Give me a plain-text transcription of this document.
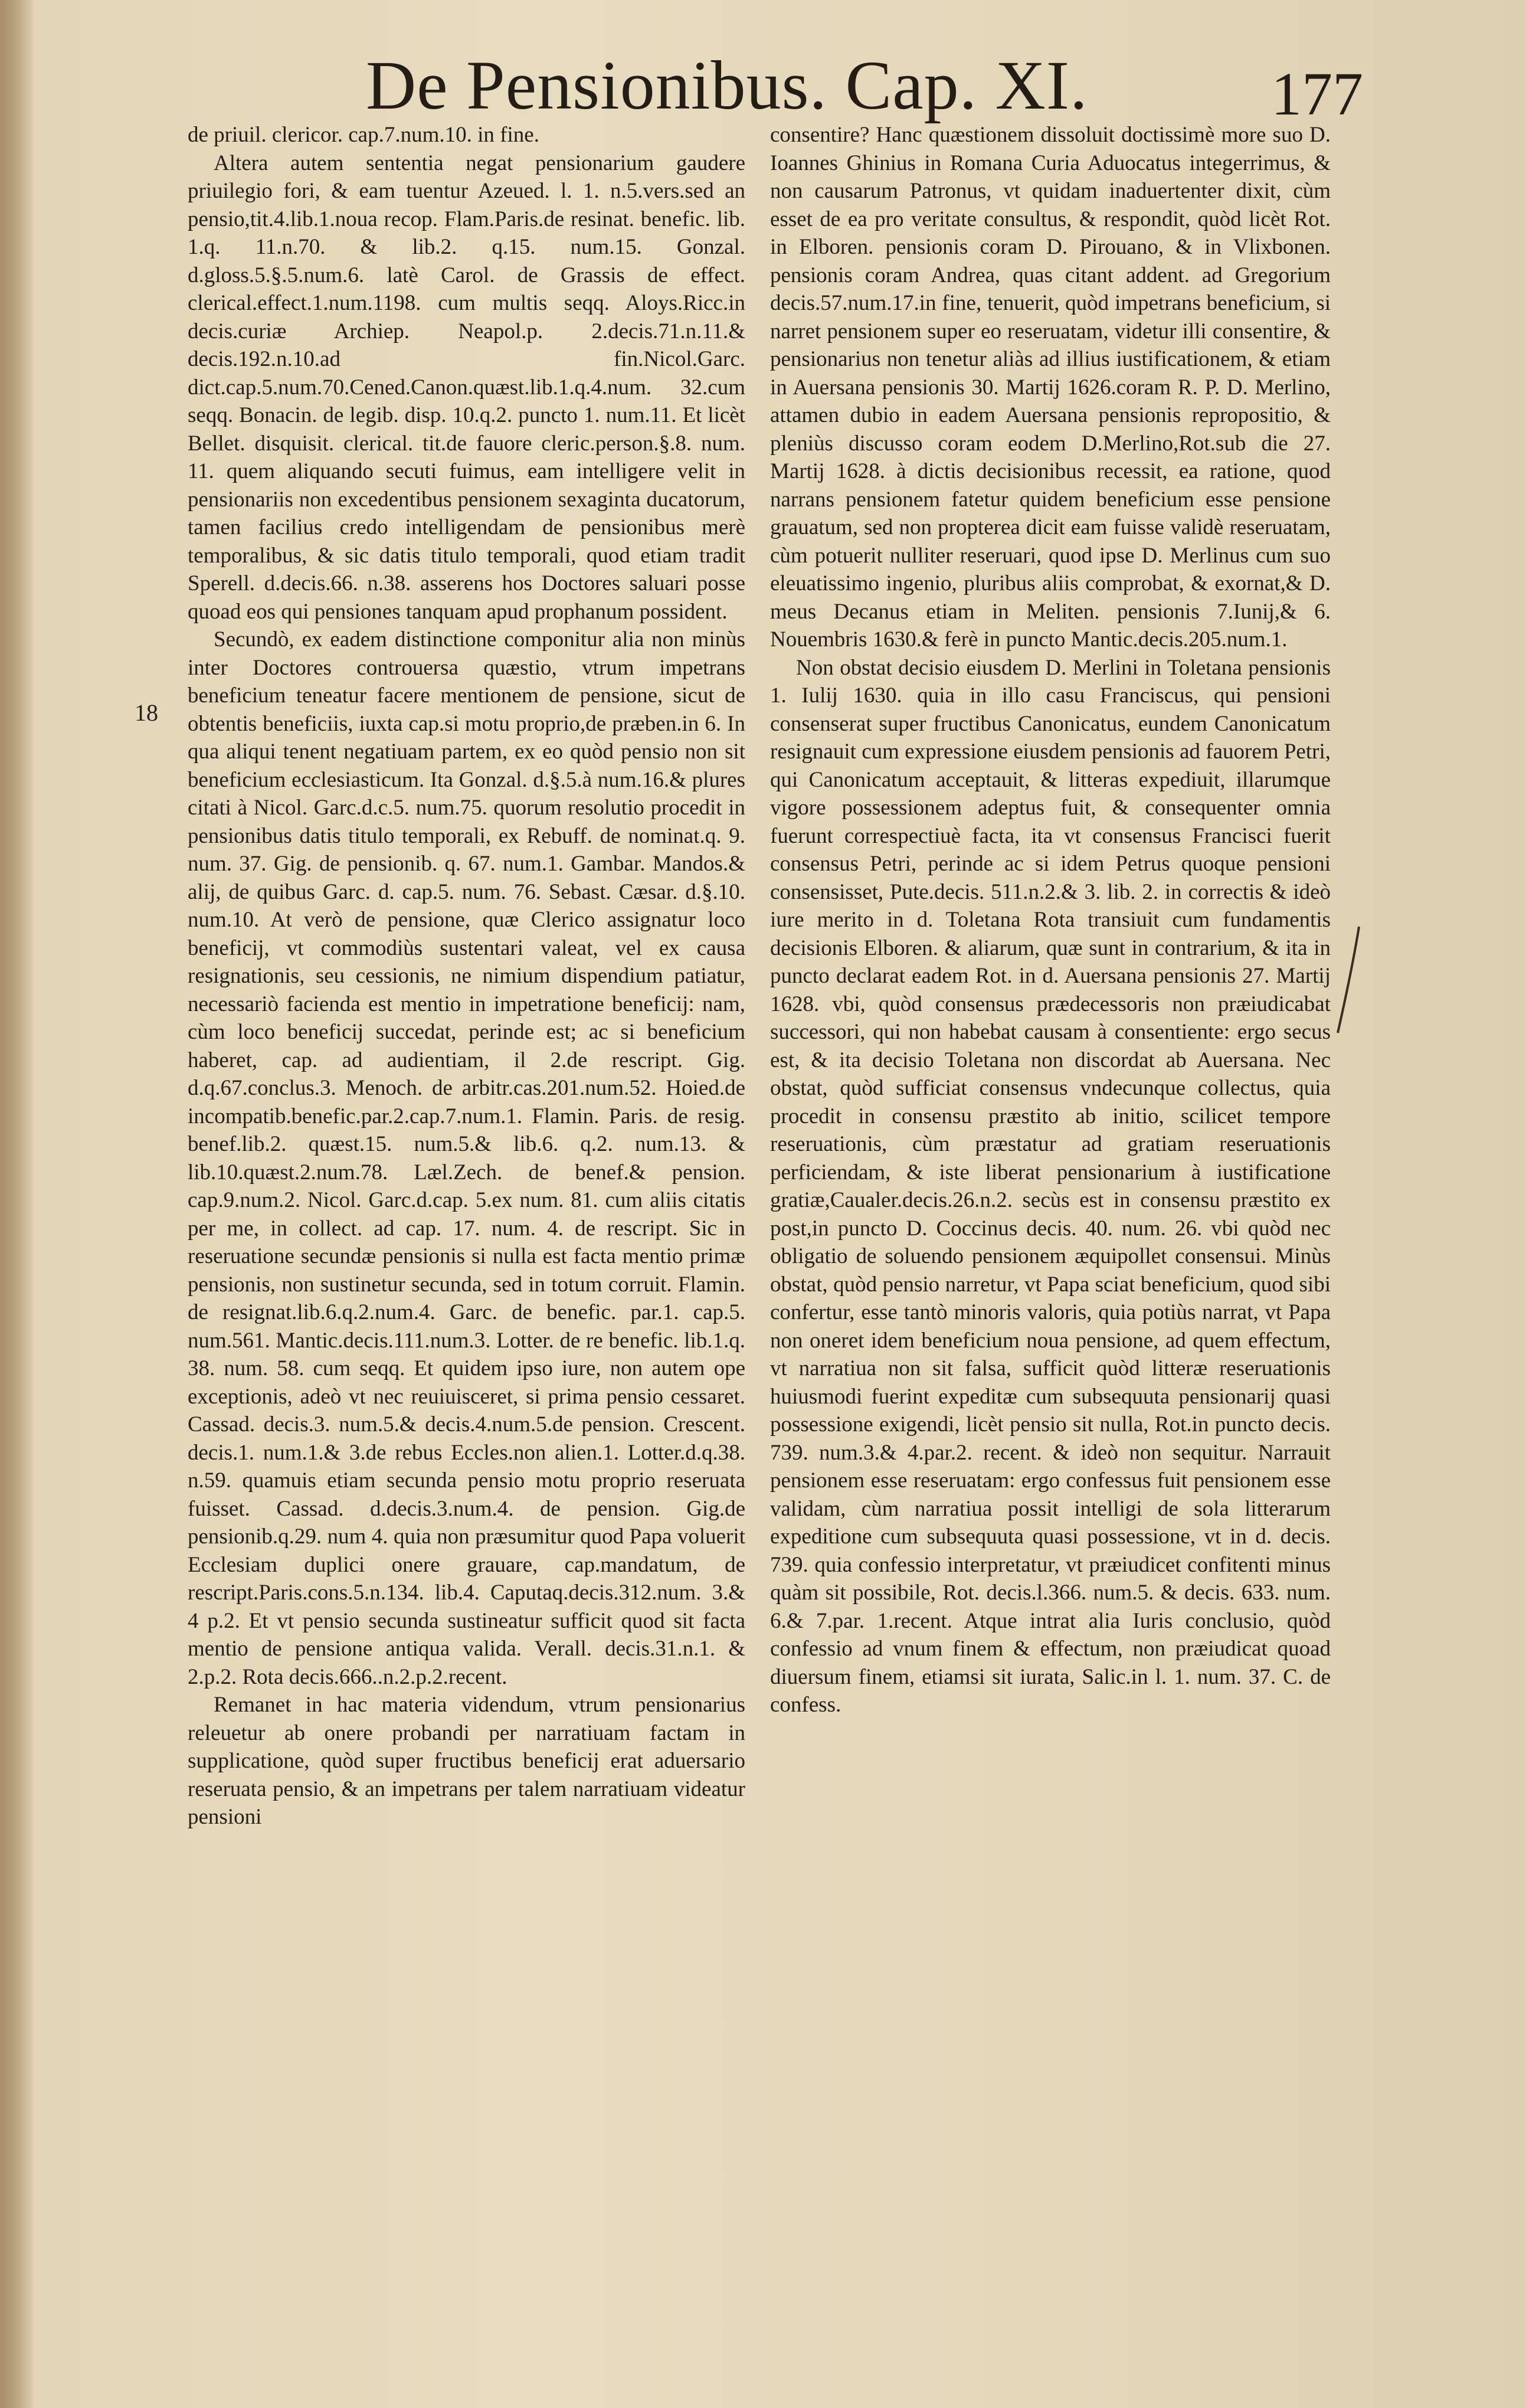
De Pensionibus. Cap. XI.	177
18

de priuil. clericor. cap.7.num.10. in fine.

Altera autem sententia negat pensionarium gaudere priuilegio fori, & eam tuentur Azeued. l. 1. n.5.vers.sed an pensio,tit.4.lib.1.noua recop. Flam.Paris.de resinat. benefic. lib. 1.q. 11.n.70. & lib.2. q.15. num.15. Gonzal. d.gloss.5.§.5.num.6. latè Carol. de Grassis de effect. clerical.effect.1.num.1198. cum multis seqq. Aloys.Ricc.in decis.curiæ Archiep. Neapol.p. 2.decis.71.n.11.& decis.192.n.10.ad fin.Nicol.Garc. dict.cap.5.num.70.Cened.Canon.quæst.lib.1.q.4.num. 32.cum seqq. Bonacin. de legib. disp. 10.q.2. puncto 1. num.11. Et licèt Bellet. disquisit. clerical. tit.de fauore cleric.person.§.8. num. 11. quem aliquando secuti fuimus, eam intelligere velit in pensionariis non excedentibus pensionem sexaginta ducatorum, tamen facilius credo intelligendam de pensionibus merè temporalibus, & sic datis titulo temporali, quod etiam tradit Sperell. d.decis.66. n.38. asserens hos Doctores saluari posse quoad eos qui pensiones tanquam apud prophanum possident.

Secundò, ex eadem distinctione componitur alia non minùs inter Doctores controuersa quæstio, vtrum impetrans beneficium teneatur facere mentionem de pensione, sicut de obtentis beneficiis, iuxta cap.si motu proprio,de præben.in 6. In qua aliqui tenent negatiuam partem, ex eo quòd pensio non sit beneficium ecclesiasticum. Ita Gonzal. d.§.5.à num.16.& plures citati à Nicol. Garc.d.c.5. num.75. quorum resolutio procedit in pensionibus datis titulo temporali, ex Rebuff. de nominat.q. 9. num. 37. Gig. de pensionib. q. 67. num.1. Gambar. Mandos.& alij, de quibus Garc. d. cap.5. num. 76. Sebast. Cæsar. d.§.10. num.10. At verò de pensione, quæ Clerico assignatur loco beneficij, vt commodiùs sustentari valeat, vel ex causa resignationis, seu cessionis, ne nimium dispendium patiatur, necessariò facienda est mentio in impetratione beneficij: nam, cùm loco beneficij succedat, perinde est; ac si beneficium haberet, cap. ad audientiam, il 2.de rescript. Gig. d.q.67.conclus.3. Menoch. de arbitr.cas.201.num.52. Hoied.de incompatib.benefic.par.2.cap.7.num.1. Flamin. Paris. de resig. benef.lib.2. quæst.15. num.5.& lib.6. q.2. num.13. & lib.10.quæst.2.num.78. Læl.Zech. de benef.& pension. cap.9.num.2. Nicol. Garc.d.cap. 5.ex num. 81. cum aliis citatis per me, in collect. ad cap. 17. num. 4. de rescript. Sic in reseruatione secundæ pensionis si nulla est facta mentio primæ pensionis, non sustinetur secunda, sed in totum corruit. Flamin. de resignat.lib.6.q.2.num.4. Garc. de benefic. par.1. cap.5. num.561. Mantic.decis.111.num.3. Lotter. de re benefic. lib.1.q. 38. num. 58. cum seqq. Et quidem ipso iure, non autem ope exceptionis, adeò vt nec reuiuisceret, si prima pensio cessaret. Cassad. decis.3. num.5.& decis.4.num.5.de pension. Crescent. decis.1. num.1.& 3.de rebus Eccles.non alien.1. Lotter.d.q.38. n.59. quamuis etiam secunda pensio motu proprio reseruata fuisset. Cassad. d.decis.3.num.4. de pension. Gig.de pensionib.q.29. num 4. quia non præsumitur quod Papa voluerit Ecclesiam duplici onere grauare, cap.mandatum, de rescript.Paris.cons.5.n.134. lib.4. Caputaq.decis.312.num. 3.& 4 p.2. Et vt pensio secunda sustineatur sufficit quod sit facta mentio de pensione antiqua valida. Verall. decis.31.n.1. & 2.p.2. Rota decis.666..n.2.p.2.recent.

Remanet in hac materia videndum, vtrum pensionarius releuetur ab onere probandi per narratiuam factam in supplicatione, quòd super fructibus beneficij erat aduersario reseruata pensio, & an impetrans per talem narratiuam videatur pensioni

consentire? Hanc quæstionem dissoluit doctissimè more suo D. Ioannes Ghinius in Romana Curia Aduocatus integerrimus, & non causarum Patronus, vt quidam inaduertenter dixit, cùm esset de ea pro veritate consultus, & respondit, quòd licèt Rot. in Elboren. pensionis coram D. Pirouano, & in Vlixbonen. pensionis coram Andrea, quas citant addent. ad Gregorium decis.57.num.17.in fine, tenuerit, quòd impetrans beneficium, si narret pensionem super eo reseruatam, videtur illi consentire, & pensionarius non tenetur aliàs ad illius iustificationem, & etiam in Auersana pensionis 30. Martij 1626.coram R. P. D. Merlino, attamen dubio in eadem Auersana pensionis repropositio, & pleniùs discusso coram eodem D.Merlino,Rot.sub die 27. Martij 1628. à dictis decisionibus recessit, ea ratione, quod narrans pensionem fatetur quidem beneficium esse pensione grauatum, sed non propterea dicit eam fuisse validè reseruatam, cùm potuerit nulliter reseruari, quod ipse D. Merlinus cum suo eleuatissimo ingenio, pluribus aliis comprobat, & exornat,& D. meus Decanus etiam in Meliten. pensionis 7.Iunij,& 6. Nouembris 1630.& ferè in puncto Mantic.decis.205.num.1.

Non obstat decisio eiusdem D. Merlini in Toletana pensionis 1. Iulij 1630. quia in illo casu Franciscus, qui pensioni consenserat super fructibus Canonicatus, eundem Canonicatum resignauit cum expressione eiusdem pensionis ad fauorem Petri, qui Canonicatum acceptauit, & litteras expediuit, illarumque vigore possessionem adeptus fuit, & consequenter omnia fuerunt correspectiuè facta, ita vt consensus Francisci fuerit consensus Petri, perinde ac si idem Petrus quoque pensioni consensisset, Pute.decis. 511.n.2.& 3. lib. 2. in correctis & ideò iure merito in d. Toletana Rota transiuit cum fundamentis decisionis Elboren. & aliarum, quæ sunt in contrarium, & ita in puncto declarat eadem Rot. in d. Auersana pensionis 27. Martij 1628. vbi, quòd consensus prædecessoris non præiudicabat successori, qui non habebat causam à consentiente: ergo secus est, & ita decisio Toletana non discordat ab Auersana. Nec obstat, quòd sufficiat consensus vndecunque collectus, quia procedit in consensu præstito ab initio, scilicet tempore reseruationis, cùm præstatur ad gratiam reseruationis perficiendam, & iste liberat pensionarium à iustificatione gratiæ,Caualer.decis.26.n.2. secùs est in consensu præstito ex post,in puncto D. Coccinus decis. 40. num. 26. vbi quòd nec obligatio de soluendo pensionem æquipollet consensui. Minùs obstat, quòd pensio narretur, vt Papa sciat beneficium, quod sibi confertur, esse tantò minoris valoris, quia potiùs narrat, vt Papa non oneret idem beneficium noua pensione, ad quem effectum, vt narratiua non sit falsa, sufficit quòd litteræ reseruationis huiusmodi fuerint expeditæ cum subsequuta pensionarij quasi possessione exigendi, licèt pensio sit nulla, Rot.in puncto decis. 739. num.3.& 4.par.2. recent. & ideò non sequitur. Narrauit pensionem esse reseruatam: ergo confessus fuit pensionem esse validam, cùm narratiua possit intelligi de sola litterarum expeditione cum subsequuta quasi possessione, vt in d. decis. 739. quia confessio interpretatur, vt præiudicet confitenti minus quàm sit possibile, Rot. decis.l.366. num.5. & decis. 633. num. 6.& 7.par. 1.recent. Atque intrat alia Iuris conclusio, quòd confessio ad vnum finem & effectum, non præiudicat quoad diuersum finem, etiamsi sit iurata, Salic.in l. 1. num. 37. C. de confess.
